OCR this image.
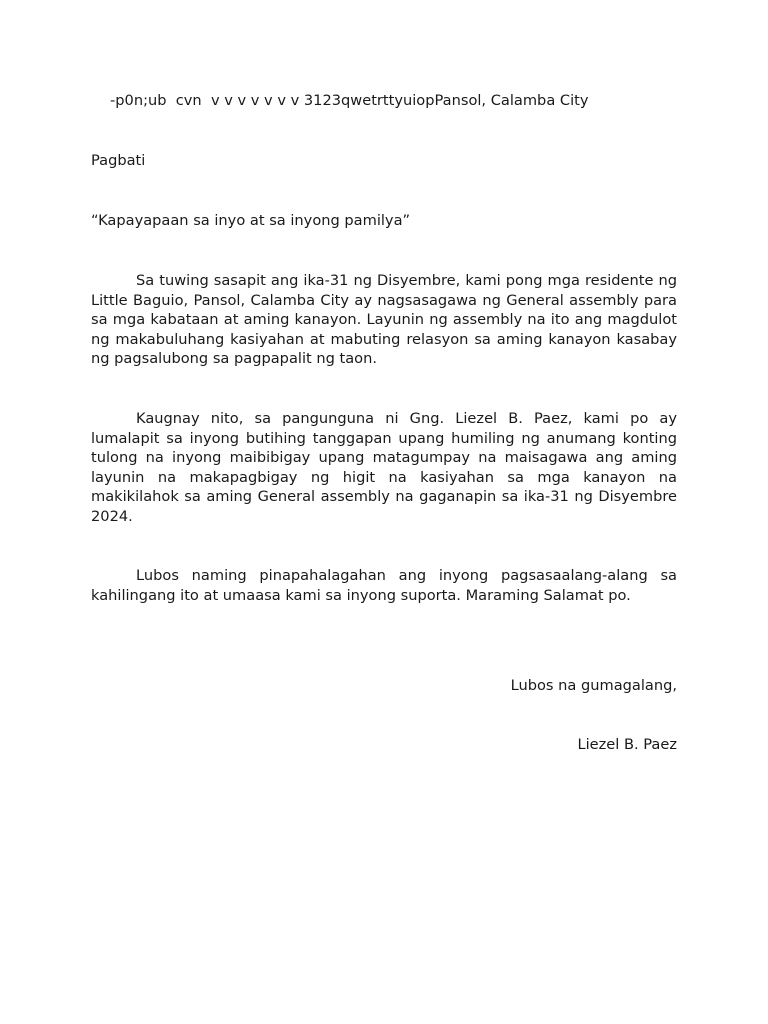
-p0n;ub  cvn  v v v v v v v 3123qwetrttyuiopPansol, Calamba City
Pagbati
“Kapayapaan sa inyo at sa inyong pamilya”

Sa tuwing sasapit ang ika-31 ng Disyembre, kami pong mga residente ng Little Baguio, Pansol, Calamba City ay nagsasagawa ng General assembly para sa mga kabataan at aming kanayon. Layunin ng assembly na ito ang magdulot ng makabuluhang kasiyahan at mabuting relasyon sa aming kanayon kasabay ng pagsalubong sa pagpapalit ng taon.

Kaugnay nito, sa pangunguna ni Gng. Liezel B. Paez, kami po ay lumalapit sa inyong butihing tanggapan upang humiling ng anumang konting tulong na inyong maibibigay upang matagumpay na maisagawa ang aming layunin na makapagbigay ng higit na kasiyahan sa mga kanayon na makikilahok sa aming General assembly na gaganapin sa ika-31 ng Disyembre 2024.

Lubos naming pinapahalagahan ang inyong pagsasaalang-alang sa kahilingang ito at umaasa kami sa inyong suporta. Maraming Salamat po.

Lubos na gumagalang,
Liezel B. Paez
